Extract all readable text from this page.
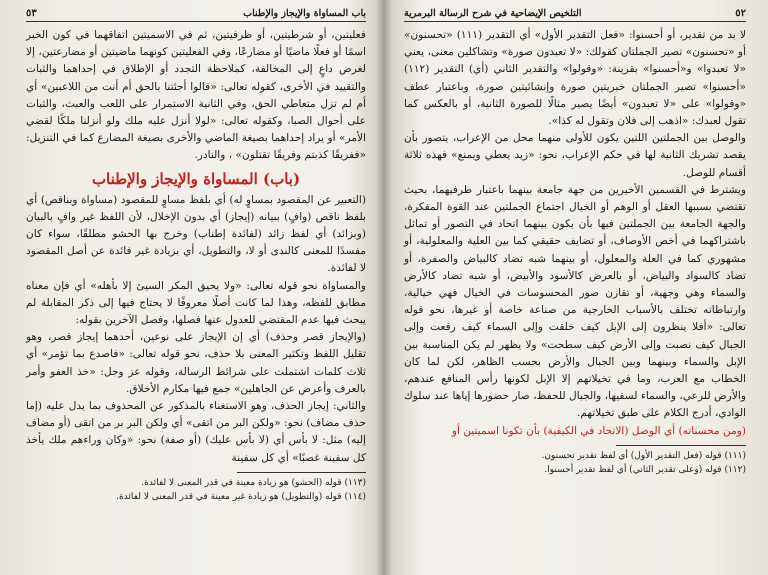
باب المساواة والإيجاز والإطناب
٥٣

فعليتين، أو شرطيتين، أو ظرفيتين، ثم في الاسميتين اتفاقهما في كون الخبر اسمًا أو فعلًا ماضيًا أو مضارعًا، وفي الفعليتين كونهما ماضيتين أو مضارعتين، إلا لغرض داعٍ إلى المخالفة، كملاحظة التجدد أو الإطلاق في إحداهما والثبات والتقييد في الأخرى، كقوله تعالى: «قالوا أجئتنا بالحق أم أنت من اللاعبين» أي أم لم تزل متعاطي الحق، وفي الثانية الاستمرار على اللعب والعبث، والثبات على أحوال الصبا، وكقوله تعالى: «لولا أنزل عليه ملك ولو أنزلنا ملكًا لقضي الأمر» أو يراد إحداهما بصيغة الماضي والأخرى بصيغة المضارع كما في التنزيل: «ففريقًا كذبتم وفريقًا تقتلون» ، والنادر.

(باب) المساواة والإيجاز والإطناب

(التعبير عن المقصود بمساوٍ له) أي بلفظ مساوٍ للمقصود (مساواة وبناقص) أي بلفظ ناقص (وافٍ) ببيانه (إيجاز) أي بدون الإخلال، لأن اللفظ غير وافٍ بالبيان (وبزائد) أي لفظ زائد (لفائدة إطناب) وخرج بها الحشو مطلقًا، سواء كان مفسدًا للمعنى كالندى أو لا، والتطويل، أي بزيادة غير فائدة عن أصل المقصود لا لفائدة.

والمساواة نحو قوله تعالى: «ولا يحيق المكر السيئ إلا بأهله» أي فإن معناه مطابق للفظه، وهذا لما كانت أصلًا معروفًا لا يحتاج فيها إلى ذكر المقابلة لم يبحث فيها عدم المقتضي للعدول عنها فصلها، وفصل الآخرين بقوله:

(والإيجاز قصر وحذف) أي إن الإيجاز على نوعين، أحدهما إيجاز قصر، وهو تقليل اللفظ وتكثير المعنى بلا حذف، نحو قوله تعالى: «فاصدع بما تؤمر» أي ثلاث كلمات اشتملت على شرائط الرسالة، وقوله عز وجل: «خذ العفو وأمر بالعرف وأعرض عن الجاهلين» جمع فيها مكارم الأخلاق.

والثاني: إيجاز الحذف، وهو الاستغناء بالمذكور عن المحذوف بما يدل عليه (إما حذف مضاف) نحو: «ولكن البر من اتقى» أي ولكن البر بر من اتقى (أو مضاف إليه) مثل: لا بأس أي (لا بأس عليك) (أو صفة) نحو: «وكان وراءهم ملك يأخذ كل سفينة غصبًا» أي كل سفينة

(١١٣) قوله (الحشو) هو زيادة معينة في قدر المعنى لا لفائدة.
(١١٤) قوله (والتطويل) هو زيادة غير معينة في قدر المعنى لا لفائدة.
٥٢
التلخيص الإيضاحية في شرح الرسالة البرمرية

لا بد من تقدير، أو أحسنوا: «فعل التقدير الأول» أي التقدير (١١١) «تحسنون» أو «تحسنون» تصير الجملتان كقولك: «لا تعبدون صورة» وتشاكلين معنى، يعني «لا تعبدوا» و«أحسنوا» بقرينة: «وقولوا» والتقدير الثاني (أي) التقدير (١١٢) «أحسنوا» تصير الجملتان خبريتين صورة وإنشائيتين صورة، وباعتبار عطف «وقولوا» على «لا تعبدون» أيضًا يصير مثالًا للصورة الثانية، أو بالعكس كما تقول لعبدك: «اذهب إلى فلان وتقول له كذا».

والوصل بين الجملتين اللتين يكون للأولى منهما محل من الإعراب، يتصور بأن يقصد تشريك الثانية لها في حكم الإعراب، نحو: «زيد يعطي ويمنع» فهذه ثلاثة أقسام للوصل.

ويشترط في القسمين الأخيرين من جهة جامعة بينهما باعتبار طرفيهما، بحيث تقتضي بسببها العقل أو الوهم أو الخيال اجتماع الجملتين عند القوة المفكرة، والجهة الجامعة بين الجملتين فيها بأن يكون بينهما اتحاد في التصور أو تماثل باشتراكهما في أخص الأوصاف، أو تضايف حقيقي كما بين العلية والمعلولية، أو مشهوري كما في العلة والمعلول، أو بينهما شبه تضاد كالبياض والصفرة، أو تضاد كالسواد والبياض، أو بالعرض كالأسود والأبيض، أو شبه تضاد كالأرض والسماء وهي وجهية، أو تقارن صور المحسوسات في الخيال فهي خيالية، وارتباطاته تختلف بالأسباب الخارجية من صناعة خاصة أو غيرها، نحو قوله تعالى: «أفلا ينظرون إلى الإبل كيف خلقت وإلى السماء كيف رفعت وإلى الجبال كيف نصبت وإلى الأرض كيف سطحت» ولا يظهر لم يكن المناسبة بين الإبل والسماء وبينهما وبين الجبال والأرض بحسب الظاهر، لكن لما كان الخطاب مع العرب، وما في تخيلاتهم إلا الإبل لكونها رأس المنافع عندهم، والأرض للرعي، والسماء لسقيها، والجبال للحفظ، صار حضورها إياها عند سلوك الوادي، أدرج الكلام على طبق تخيلاتهم.

(ومن محسناته) أي الوصل (الاتحاد في الكيفية) بأن تكونا اسميتين أو

(١١١) قوله (فعل التقدير الأول) أي لفظ تقدير تحسنون.
(١١٢) قوله (وعلى تقدير الثاني) أي لفظ تقدير أحسنوا.
